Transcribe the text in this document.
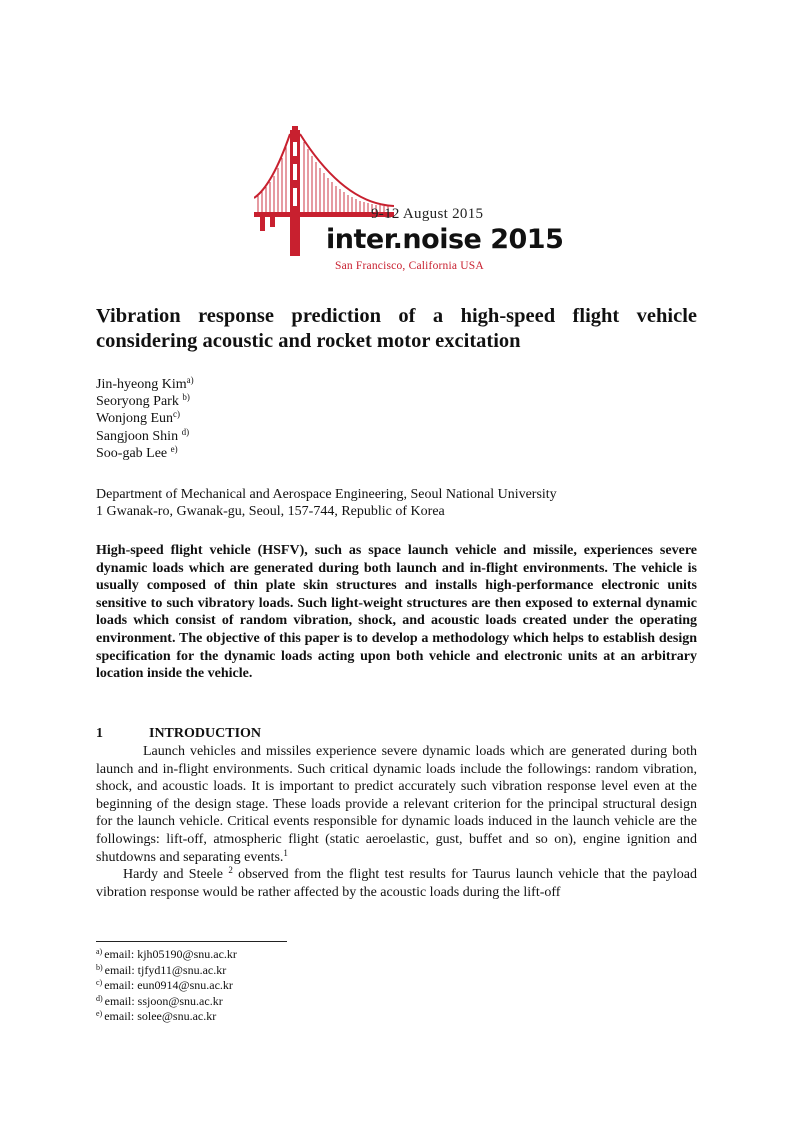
9-12 August 2015
inter.noise 2015
San Francisco, California USA
Vibration response prediction of a high-speed flight vehicle considering acoustic and rocket motor excitation
Jin-hyeong Kim$^{a)}$
Seoryong Park $^{b)}$
Wonjong Eun$^{c)}$
Sangjoon Shin $^{d)}$
Soo-gab Lee $^{e)}$
Department of Mechanical and Aerospace Engineering, Seoul National University
1 Gwanak-ro, Gwanak-gu, Seoul, 157-744, Republic of Korea

High-speed flight vehicle (HSFV), such as space launch vehicle and missile, experiences severe dynamic loads which are generated during both launch and in-flight environments. The vehicle is usually composed of thin plate skin structures and installs high-performance electronic units sensitive to such vibratory loads. Such light-weight structures are then exposed to external dynamic loads which consist of random vibration, shock, and acoustic loads created under the operating environment. The objective of this paper is to develop a methodology which helps to establish design specification for the dynamic loads acting upon both vehicle and electronic units at an arbitrary location inside the vehicle.

1	INTRODUCTION

Launch vehicles and missiles experience severe dynamic loads which are generated during both launch and in-flight environments. Such critical dynamic loads include the followings: random vibration, shock, and acoustic loads. It is important to predict accurately such vibration response level even at the beginning of the design stage. These loads provide a relevant criterion for the principal structural design for the launch vehicle. Critical events responsible for dynamic loads induced in the launch vehicle are the followings: lift-off, atmospheric flight (static aeroelastic, gust, buffet and so on), engine ignition and shutdowns and separating events.$^1$

Hardy and Steele $^2$ observed from the flight test results for Taurus launch vehicle that the payload vibration response would be rather affected by the acoustic loads during the lift-off

$^{a)}$ email: kjh05190@snu.ac.kr
$^{b)}$ email: tjfyd11@snu.ac.kr
$^{c)}$ email: eun0914@snu.ac.kr
$^{d)}$ email: ssjoon@snu.ac.kr
$^{e)}$ email: solee@snu.ac.kr
